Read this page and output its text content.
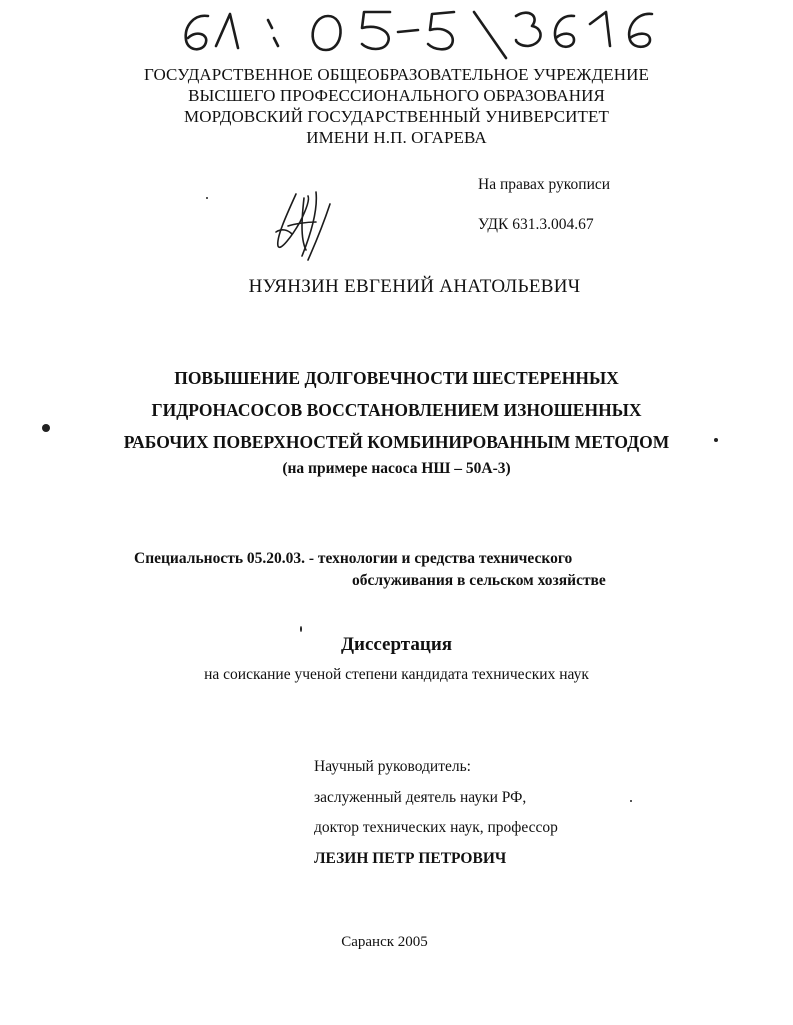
ГОСУДАРСТВЕННОЕ ОБЩЕОБРАЗОВАТЕЛЬНОЕ УЧРЕЖДЕНИЕ
ВЫСШЕГО ПРОФЕССИОНАЛЬНОГО ОБРАЗОВАНИЯ
МОРДОВСКИЙ ГОСУДАРСТВЕННЫЙ УНИВЕРСИТЕТ
ИМЕНИ Н.П. ОГАРЕВА
На правах рукописи
УДК 631.3.004.67
НУЯНЗИН ЕВГЕНИЙ АНАТОЛЬЕВИЧ
ПОВЫШЕНИЕ ДОЛГОВЕЧНОСТИ ШЕСТЕРЕННЫХ
ГИДРОНАСОСОВ ВОССТАНОВЛЕНИЕМ ИЗНОШЕННЫХ
РАБОЧИХ ПОВЕРХНОСТЕЙ КОМБИНИРОВАННЫМ МЕТОДОМ
(на примере насоса НШ – 50А-3)
Специальность 05.20.03. - технологии и средства технического
обслуживания в сельском хозяйстве
Диссертация
на соискание ученой степени кандидата технических наук
Научный руководитель:
заслуженный деятель науки РФ,
доктор технических наук, профессор
ЛЕЗИН ПЕТР ПЕТРОВИЧ
Саранск 2005
